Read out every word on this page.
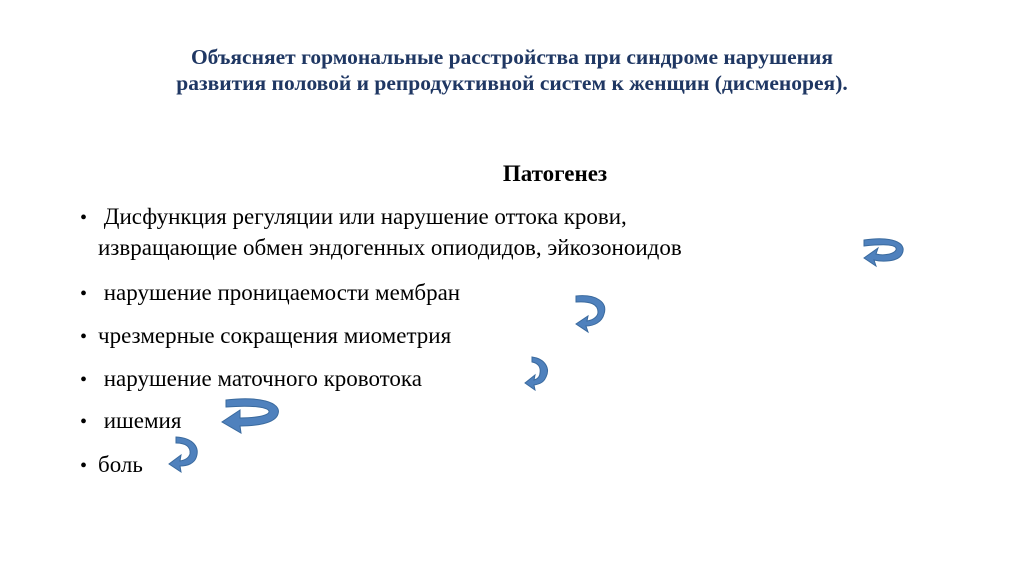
Объясняет гормональные расстройства при синдроме нарушения
развития половой и репродуктивной систем к женщин (дисменорея).
Патогенез
• Дисфункция регуляции или нарушение оттока крови,
извращающие обмен эндогенных опиодидов, эйкозоноидов
• нарушение проницаемости мембран
• чрезмерные сокращения миометрия
• нарушение маточного кровотока
• ишемия
• боль
